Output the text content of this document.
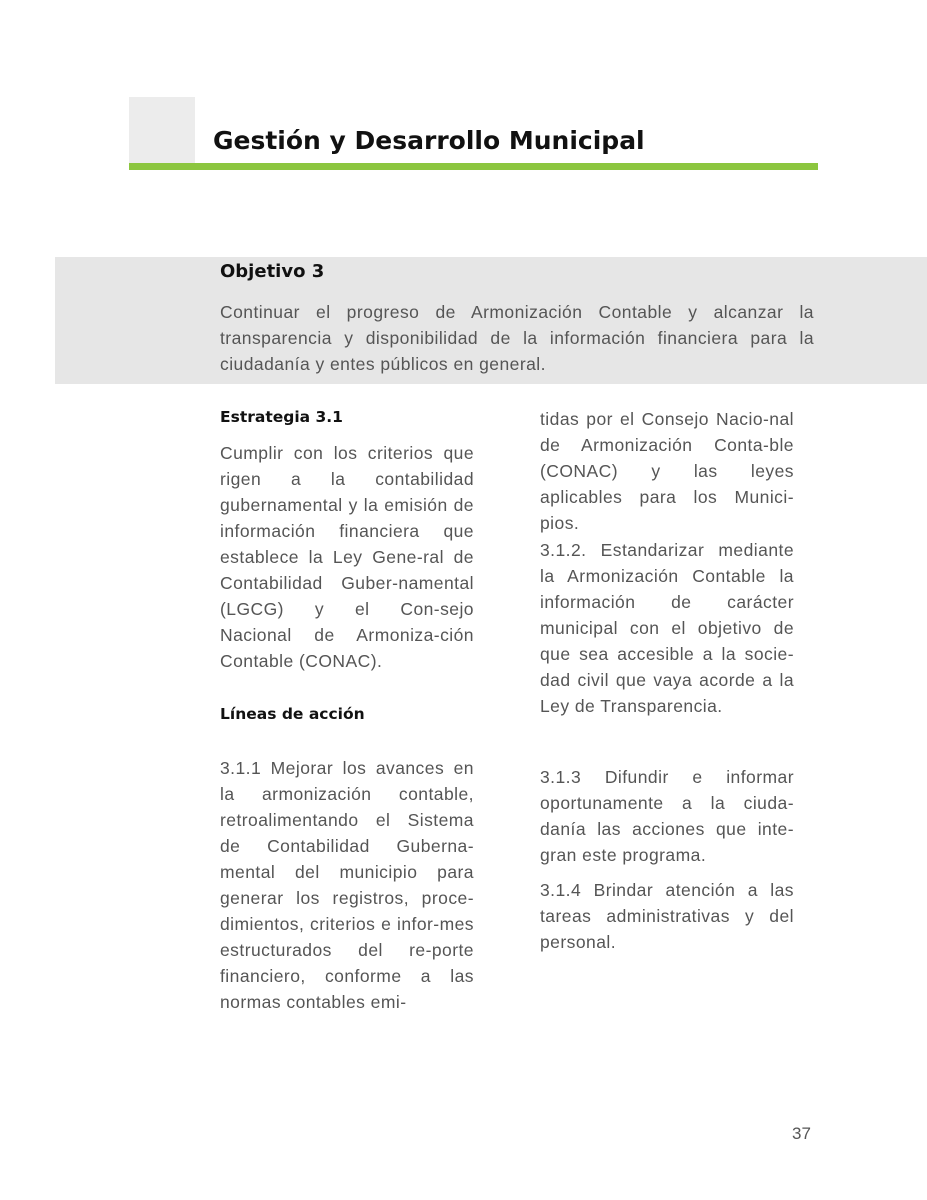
Gestión y Desarrollo Municipal
Objetivo 3

Continuar el progreso de Armonización Contable y alcanzar la transparencia y disponibilidad de la información financiera para la ciudadanía y entes públicos en general.

Estrategia 3.1

Cumplir con los criterios que rigen a la contabilidad gubernamental y la emisión de información financiera que establece la Ley Gene-ral de Contabilidad Guber-namental (LGCG) y el Con-sejo Nacional de Armoniza-ción Contable (CONAC).

Líneas de acción

3.1.1 Mejorar los avances en la armonización contable, retroalimentando el Sistema de Contabilidad Guberna-mental del municipio para generar los registros, proce-dimientos, criterios e infor-mes estructurados del re-porte financiero, conforme a las normas contables emi-

tidas por el Consejo Nacio-nal de Armonización Conta-ble (CONAC) y las leyes aplicables para los Munici-pios.

3.1.2. Estandarizar mediante la Armonización Contable la información de carácter municipal con el objetivo de que sea accesible a la socie-dad civil que vaya acorde a la Ley de Transparencia.

3.1.3 Difundir e informar oportunamente a la ciuda-danía las acciones que inte-gran este programa.

3.1.4 Brindar atención a las tareas administrativas y del personal.

37
